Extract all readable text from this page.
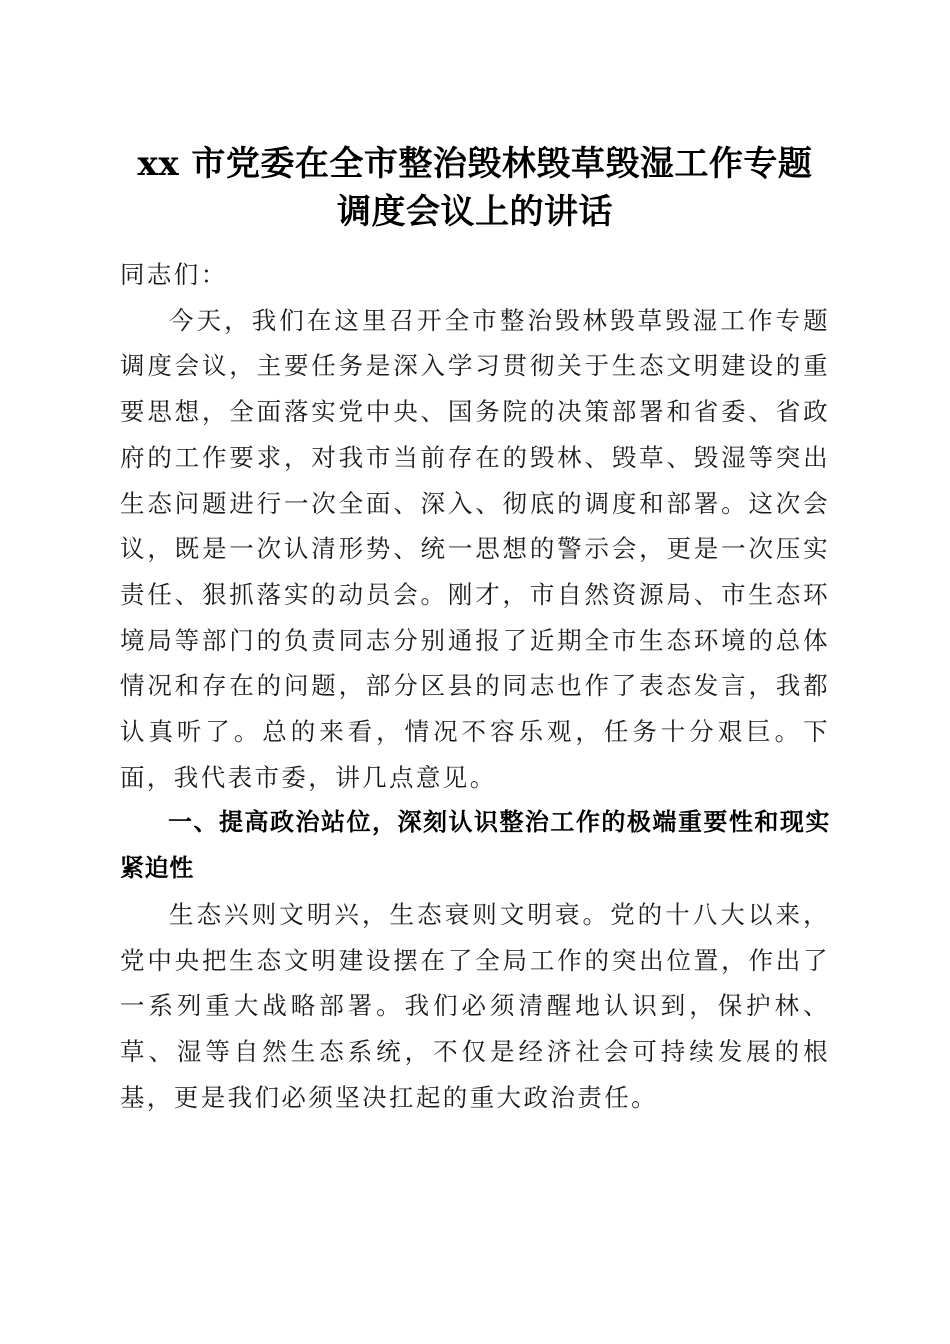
xx 市党委在全市整治毁林毁草毁湿工作专题
调度会议上的讲话

同志们：

今天，我们在这里召开全市整治毁林毁草毁湿工作专题调度会议，主要任务是深入学习贯彻关于生态文明建设的重要思想，全面落实党中央、国务院的决策部署和省委、省政府的工作要求，对我市当前存在的毁林、毁草、毁湿等突出生态问题进行一次全面、深入、彻底的调度和部署。这次会议，既是一次认清形势、统一思想的警示会，更是一次压实责任、狠抓落实的动员会。刚才，市自然资源局、市生态环境局等部门的负责同志分别通报了近期全市生态环境的总体情况和存在的问题，部分区县的同志也作了表态发言，我都认真听了。总的来看，情况不容乐观，任务十分艰巨。下面，我代表市委，讲几点意见。

一、提高政治站位，深刻认识整治工作的极端重要性和现实紧迫性

生态兴则文明兴，生态衰则文明衰。党的十八大以来，党中央把生态文明建设摆在了全局工作的突出位置，作出了一系列重大战略部署。我们必须清醒地认识到，保护林、草、湿等自然生态系统，不仅是经济社会可持续发展的根基，更是我们必须坚决扛起的重大政治责任。
